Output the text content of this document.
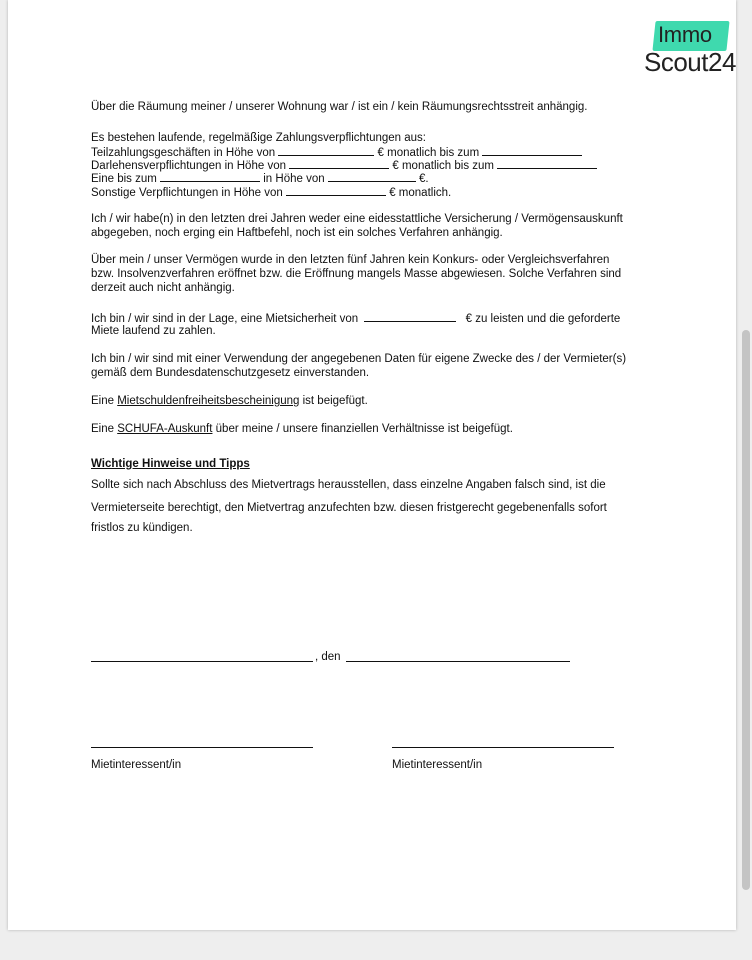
Immo
Scout24
Über die Räumung meiner / unserer Wohnung war / ist ein / kein Räumungsrechtsstreit anhängig.
Es bestehen laufende, regelmäßige Zahlungsverpflichtungen aus:
Teilzahlungsgeschäften in Höhe von	€ monatlich bis zum
Darlehensverpflichtungen in Höhe von	€ monatlich bis zum
Eine bis zum	in Höhe von	€.
Sonstige Verpflichtungen in Höhe von	€ monatlich.
Ich / wir habe(n) in den letzten drei Jahren weder eine eidesstattliche Versicherung / Vermögensauskunft
abgegeben, noch erging ein Haftbefehl, noch ist ein solches Verfahren anhängig.
Über mein / unser Vermögen wurde in den letzten fünf Jahren kein Konkurs- oder Vergleichsverfahren
bzw. Insolvenzverfahren eröffnet bzw. die Eröffnung mangels Masse abgewiesen. Solche Verfahren sind
derzeit auch nicht anhängig.
Ich bin / wir sind in der Lage, eine Mietsicherheit von	€ zu leisten und die geforderte
Miete laufend zu zahlen.
Ich bin / wir sind mit einer Verwendung der angegebenen Daten für eigene Zwecke des / der Vermieter(s)
gemäß dem Bundesdatenschutzgesetz einverstanden.
Eine Mietschuldenfreiheitsbescheinigung ist beigefügt.
Eine SCHUFA-Auskunft über meine / unsere finanziellen Verhältnisse ist beigefügt.
Wichtige Hinweise und Tipps
Sollte sich nach Abschluss des Mietvertrags herausstellen, dass einzelne Angaben falsch sind, ist die
Vermieterseite berechtigt, den Mietvertrag anzufechten bzw. diesen fristgerecht gegebenenfalls sofort
fristlos zu kündigen.
, den
Mietinteressent/in	Mietinteressent/in
